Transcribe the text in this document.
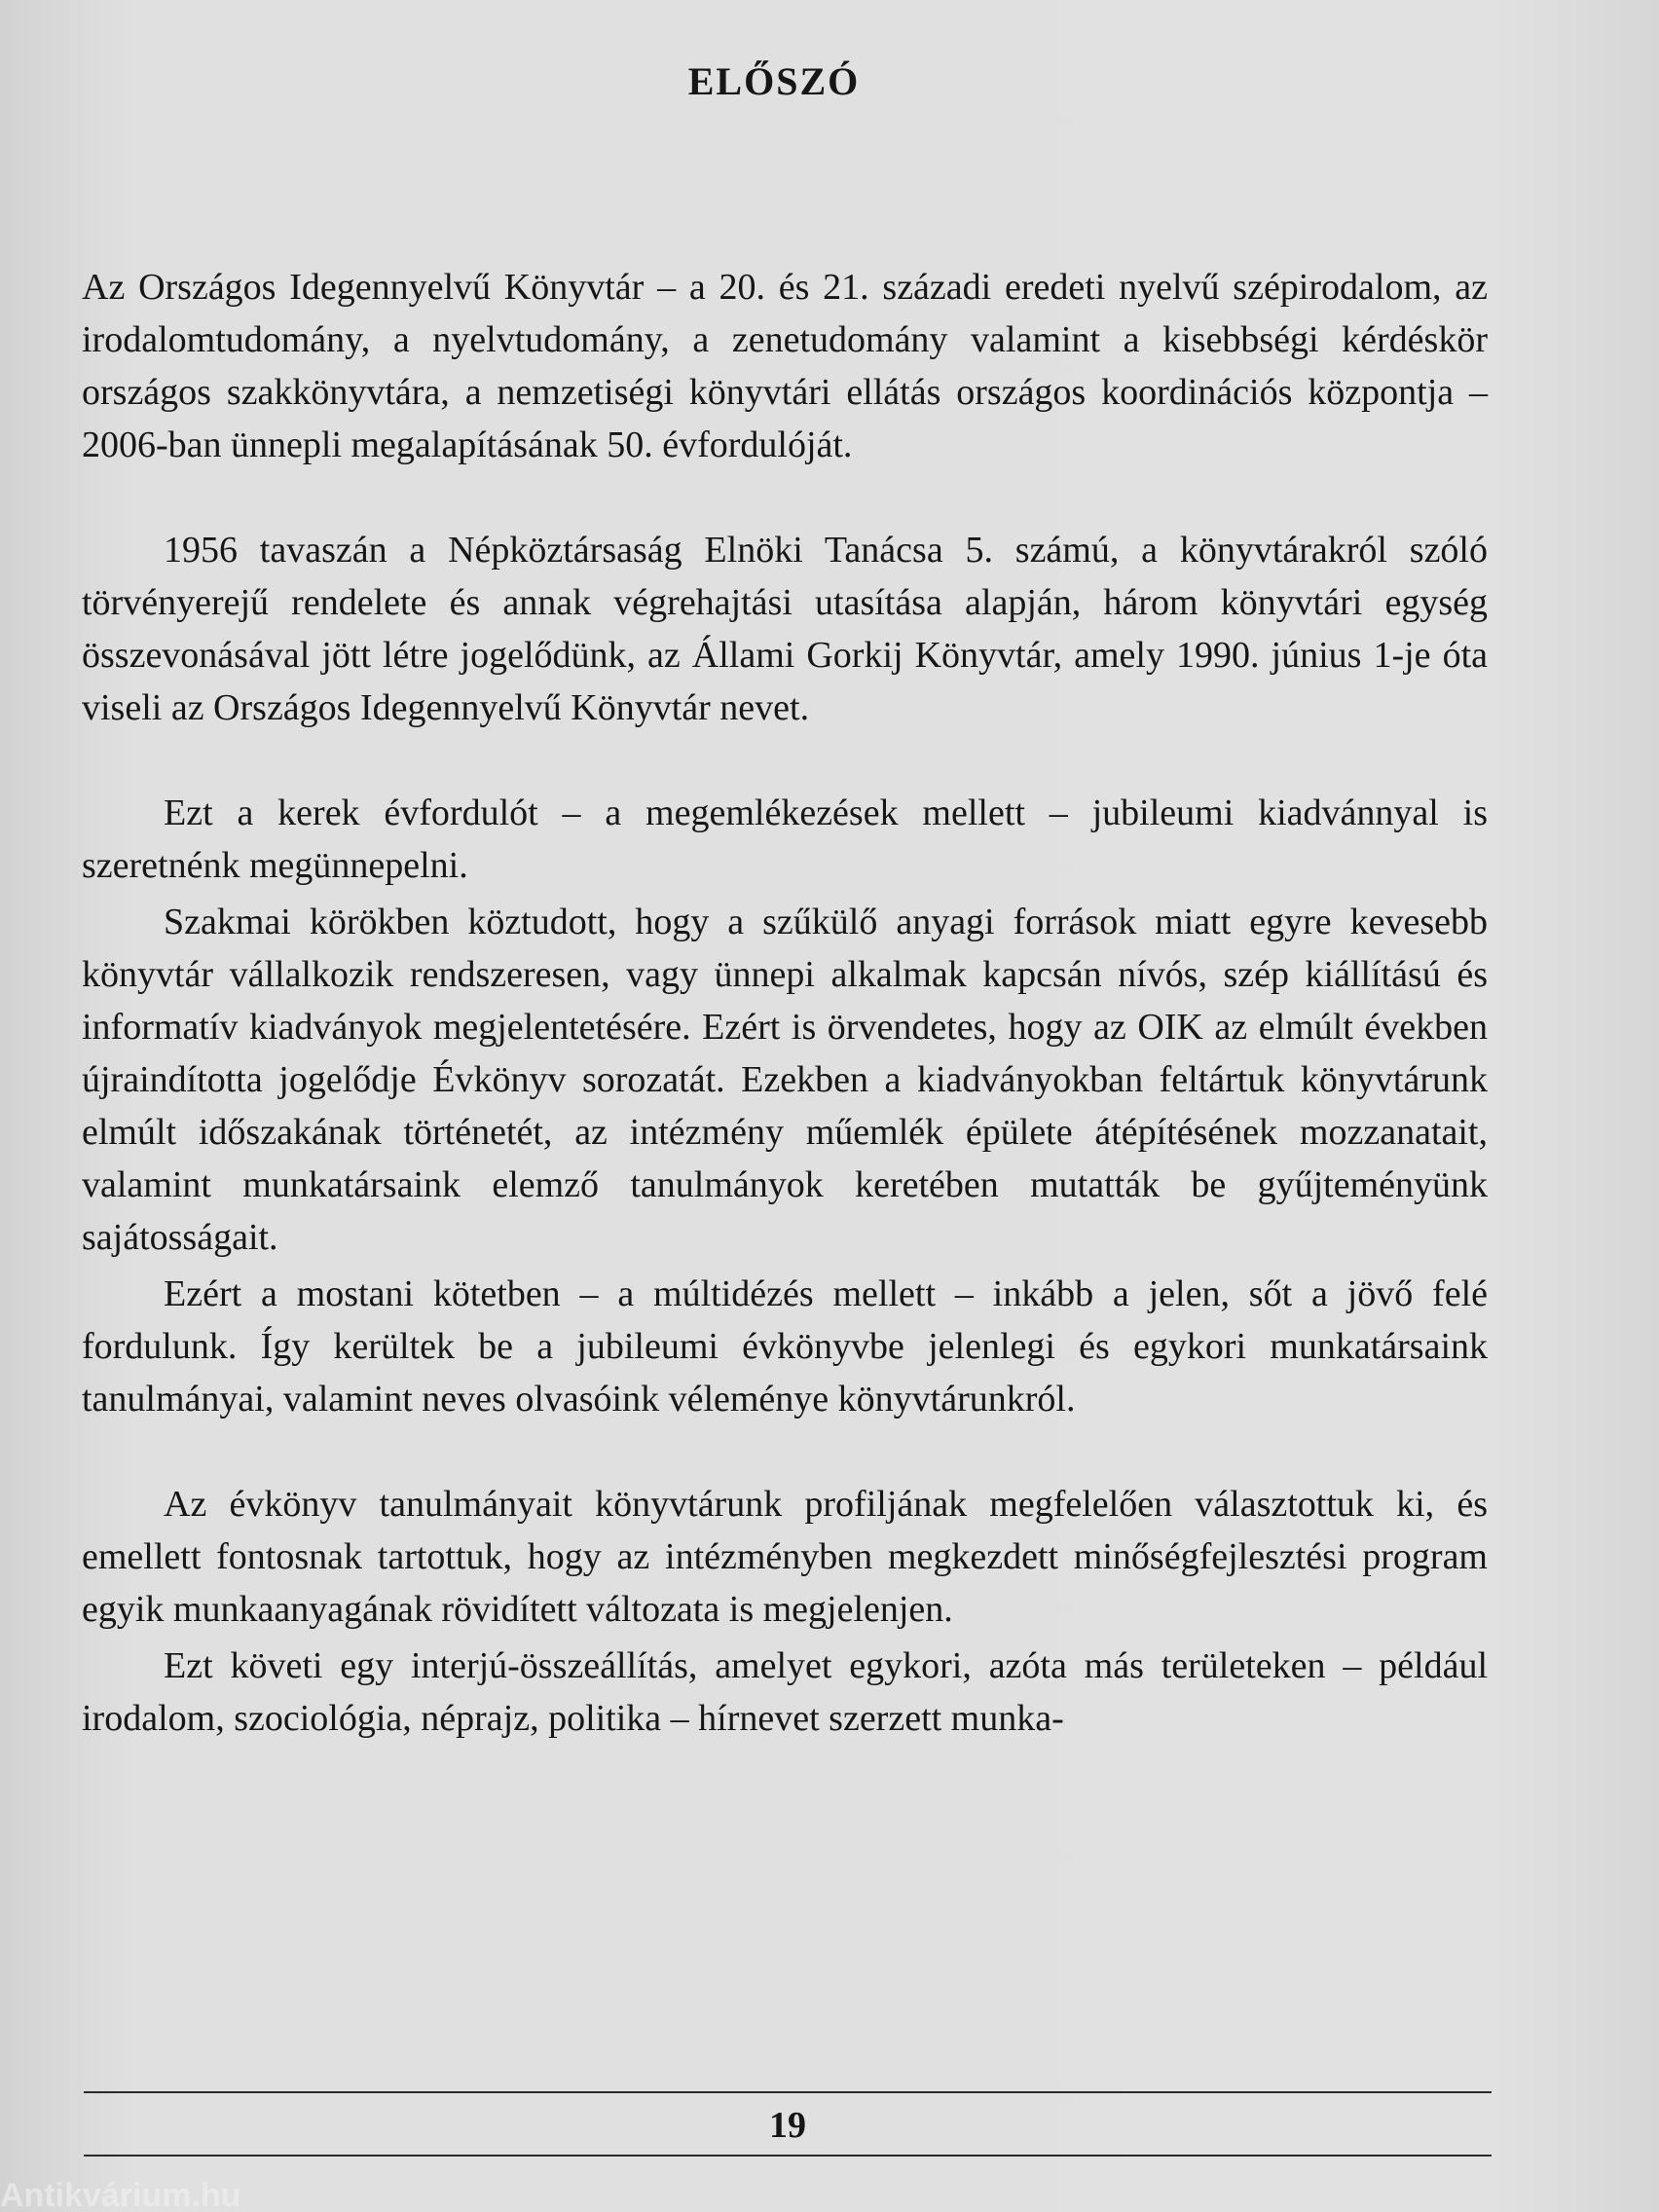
ELŐSZÓ

Az Országos Idegennyelvű Könyvtár – a 20. és 21. századi eredeti nyelvű szépirodalom, az irodalomtudomány, a nyelvtudomány, a zenetudomány valamint a kisebbségi kérdéskör országos szakkönyvtára, a nemzetiségi könyvtári ellátás országos koordinációs központja – 2006-ban ünnepli megalapításának 50. évfordulóját.

1956 tavaszán a Népköztársaság Elnöki Tanácsa 5. számú, a könyvtárakról szóló törvényerejű rendelete és annak végrehajtási utasítása alapján, három könyvtári egység összevonásával jött létre jogelődünk, az Állami Gorkij Könyvtár, amely 1990. június 1-je óta viseli az Országos Idegennyelvű Könyvtár nevet.

Ezt a kerek évfordulót – a megemlékezések mellett – jubileumi kiadvánnyal is szeretnénk megünnepelni.

Szakmai körökben köztudott, hogy a szűkülő anyagi források miatt egyre kevesebb könyvtár vállalkozik rendszeresen, vagy ünnepi alkalmak kapcsán nívós, szép kiállítású és informatív kiadványok megjelentetésére. Ezért is örvendetes, hogy az OIK az elmúlt években újraindította jogelődje Évkönyv sorozatát. Ezekben a kiadványokban feltártuk könyvtárunk elmúlt időszakának történetét, az intézmény műemlék épülete átépítésének mozzanatait, valamint munkatársaink elemző tanulmányok keretében mutatták be gyűjteményünk sajátosságait.

Ezért a mostani kötetben – a múltidézés mellett – inkább a jelen, sőt a jövő felé fordulunk. Így kerültek be a jubileumi évkönyvbe jelenlegi és egykori munkatársaink tanulmányai, valamint neves olvasóink véleménye könyvtárunkról.

Az évkönyv tanulmányait könyvtárunk profiljának megfelelően választottuk ki, és emellett fontosnak tartottuk, hogy az intézményben megkezdett minőségfejlesztési program egyik munkaanyagának rövidített változata is megjelenjen.

Ezt követi egy interjú-összeállítás, amelyet egykori, azóta más területeken – például irodalom, szociológia, néprajz, politika – hírnevet szerzett munka-

19
Antikvárium.hu
